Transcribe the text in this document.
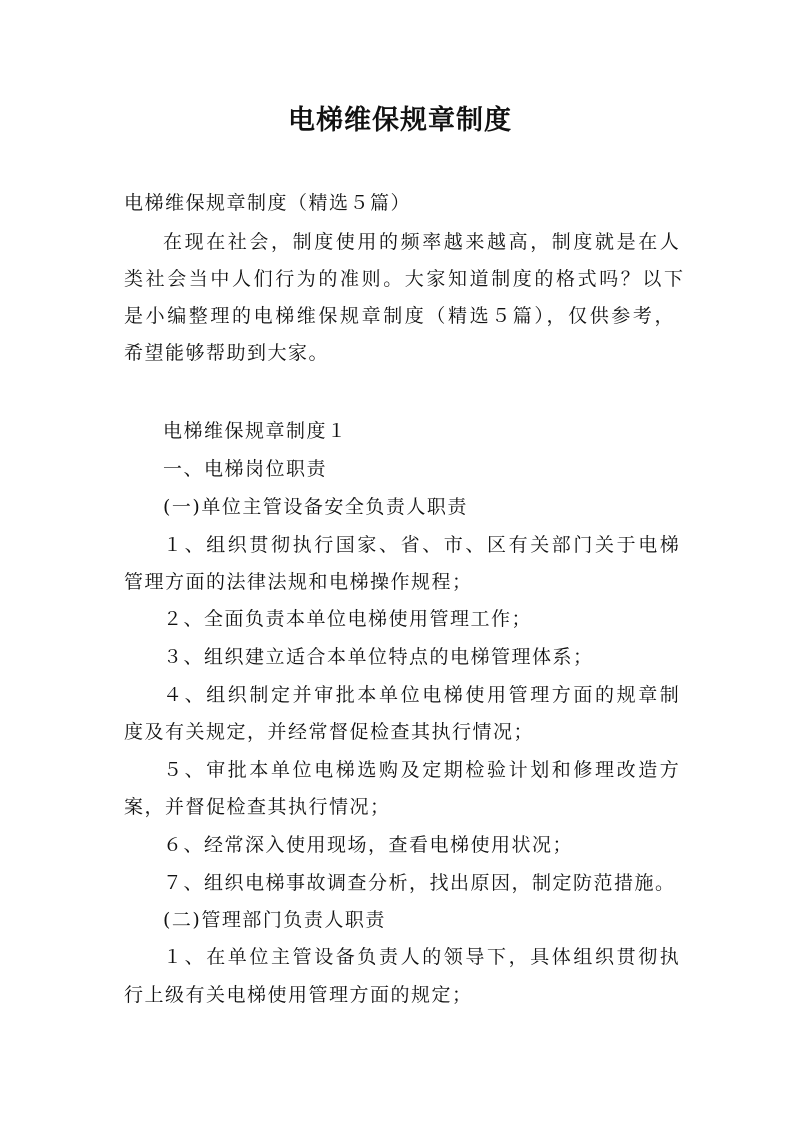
电梯维保规章制度
电梯维保规章制度（精选５篇）
在现在社会，制度使用的频率越来越高，制度就是在人
类社会当中人们行为的准则。大家知道制度的格式吗？以下
是小编整理的电梯维保规章制度（精选５篇），仅供参考，
希望能够帮助到大家。
电梯维保规章制度１
一、电梯岗位职责
(一)单位主管设备安全负责人职责
１、组织贯彻执行国家、省、市、区有关部门关于电梯
管理方面的法律法规和电梯操作规程；
２、全面负责本单位电梯使用管理工作；
３、组织建立适合本单位特点的电梯管理体系；
４、组织制定并审批本单位电梯使用管理方面的规章制
度及有关规定，并经常督促检查其执行情况；
５、审批本单位电梯选购及定期检验计划和修理改造方
案，并督促检查其执行情况；
６、经常深入使用现场，查看电梯使用状况；
７、组织电梯事故调查分析，找出原因，制定防范措施。
(二)管理部门负责人职责
１、在单位主管设备负责人的领导下，具体组织贯彻执
行上级有关电梯使用管理方面的规定；
